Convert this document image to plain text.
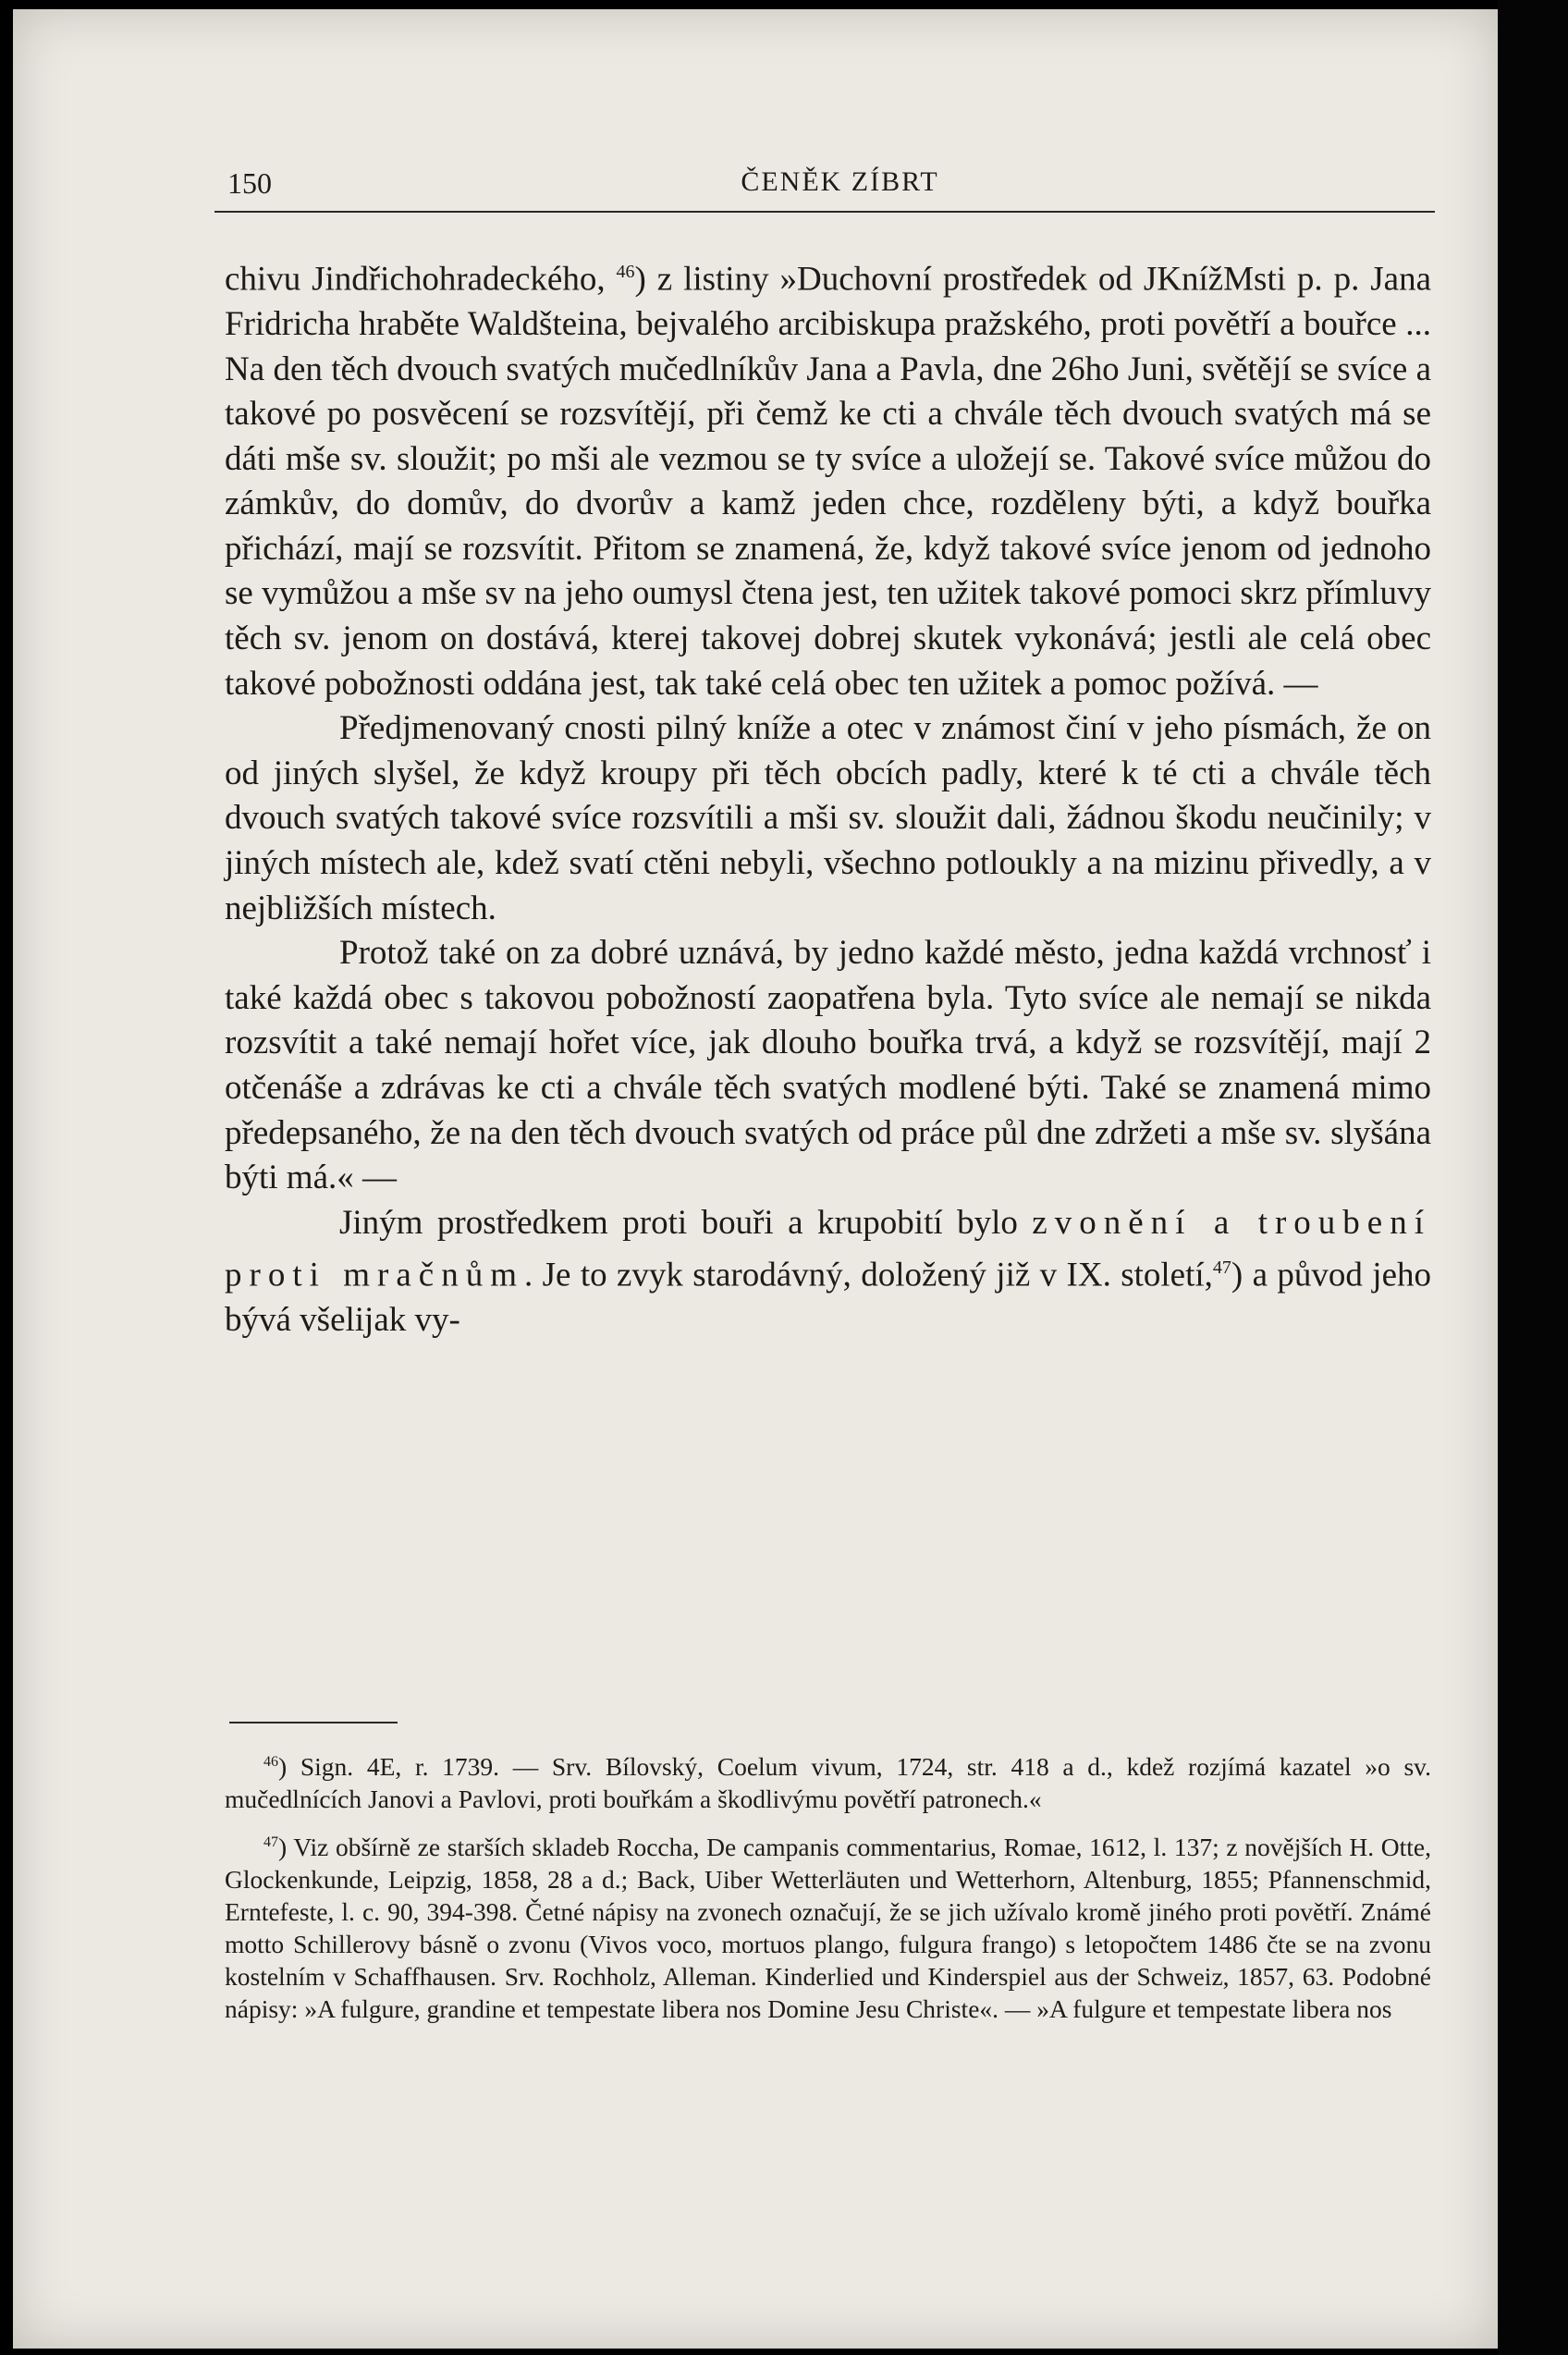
150	ČENĚK ZÍBRT

chivu Jindřichohradeckého, $^{46}$) z listiny »Duchovní prostředek od JKnížMsti p. p. Jana Fridricha hraběte Waldšteina, bejvalého arcibiskupa pražského, proti povětří a bouřce ... Na den těch dvouch svatých mučedlníkův Jana a Pavla, dne 26ho Juni, světějí se svíce a takové po posvěcení se rozsvítějí, při čemž ke cti a chvále těch dvouch svatých má se dáti mše sv. sloužit; po mši ale vezmou se ty svíce a uložejí se. Takové svíce můžou do zámkův, do domův, do dvorův a kamž jeden chce, rozděleny býti, a když bouřka přichází, mají se rozsvítit. Přitom se znamená, že, když takové svíce jenom od jednoho se vymůžou a mše sv na jeho oumysl čtena jest, ten užitek takové pomoci skrz přímluvy těch sv. jenom on dostává, kterej takovej dobrej skutek vykonává; jestli ale celá obec takové pobožnosti oddána jest, tak také celá obec ten užitek a pomoc požívá. —

Předjmenovaný cnosti pilný kníže a otec v známost činí v jeho písmách, že on od jiných slyšel, že když kroupy při těch obcích padly, které k té cti a chvále těch dvouch svatých takové svíce rozsvítili a mši sv. sloužit dali, žádnou škodu neučinily; v jiných místech ale, kdež svatí ctěni nebyli, všechno potloukly a na mizinu přivedly, a v nejbližších místech.

Protož také on za dobré uznává, by jedno každé město, jedna každá vrchnosť i také každá obec s takovou pobožností zaopatřena byla. Tyto svíce ale nemají se nikda rozsvítit a také nemají hořet více, jak dlouho bouřka trvá, a když se rozsvítějí, mají 2 otčenáše a zdrávas ke cti a chvále těch svatých modlené býti. Také se znamená mimo předepsaného, že na den těch dvouch svatých od práce půl dne zdržeti a mše sv. slyšána býti má.« —

Jiným prostředkem proti bouři a krupobití bylo zvonění a troubení proti mračnům. Je to zvyk starodávný, doložený již v IX. století,$^{47}$) a původ jeho bývá všelijak vy-

$^{46}$) Sign. 4E, r. 1739. — Srv. Bílovský, Coelum vivum, 1724, str. 418 a d., kdež rozjímá kazatel »o sv. mučedlnících Janovi a Pavlovi, proti bouřkám a škodlivýmu povětří patronech.«

$^{47}$) Viz obšírně ze starších skladeb Roccha, De campanis commentarius, Romae, 1612, l. 137; z novějších H. Otte, Glockenkunde, Leipzig, 1858, 28 a d.; Back, Uiber Wetterläuten und Wetterhorn, Altenburg, 1855; Pfannenschmid, Erntefeste, l. c. 90, 394-398. Četné nápisy na zvonech označují, že se jich užívalo kromě jiného proti povětří. Známé motto Schillerovy básně o zvonu (Vivos voco, mortuos plango, fulgura frango) s letopočtem 1486 čte se na zvonu kostelním v Schaffhausen. Srv. Rochholz, Alleman. Kinderlied und Kinderspiel aus der Schweiz, 1857, 63. Podobné nápisy: »A fulgure, grandine et tempestate libera nos Domine Jesu Christe«. — »A fulgure et tempestate libera nos
